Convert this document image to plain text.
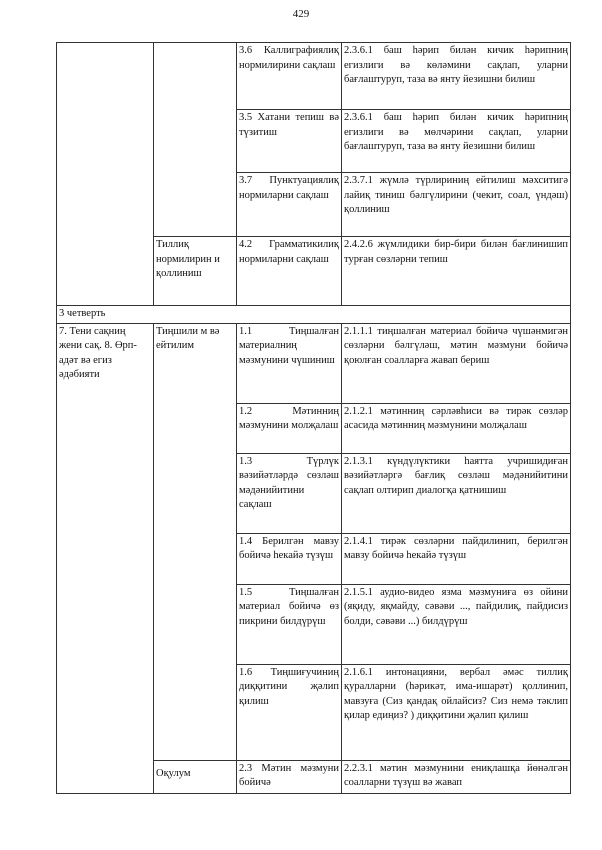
429
		3.6 Каллиграфиялиқ нормилирини сақлаш	2.3.6.1 баш һәрип билән кичик һәрипниң егизлиги вә көләмини сақлап, уларни бағлаштуруп, таза вә янту йезишни билиш
		3.5 Хатани тепиш вә түзитиш	2.3.6.1 баш һәрип билән кичик һәрипниң егизлиги вә мөлчәрини сақлап, уларни бағлаштуруп, таза вә янту йезишни билиш
		3.7 Пунктуациялиқ нормиларни сақлаш	2.3.7.1 жүмлә түрлириниң ейтилиш мәхситигә лайиқ тиниш бәлгүлирини (чекит, соал, үндәш) қоллиниш
	Тиллиқ нормилирин и қоллиниш	4.2 Грамматикилиқ нормиларни сақлаш	2.4.2.6 жүмлидики бир-бири билән бағлинишип турған сөзләрни тепиш
3 четверть			
7. Тени сақниң жени сақ. 8. Өрп-адәт вә егиз әдәбияти	Тиңшили м вә ейтилим	1.1 Тиңшалған материалниң мәзмунини чүшиниш	2.1.1.1 тиңшалған материал бойичә чүшәнмигән сөзләрни бәлгүләш, мәтин мәзмуни бойичә қоюлған соалларға жавап бериш
		1.2 Мәтинниң мәзмунини молҗалаш	2.1.2.1 мәтинниң сәрләвһиси вә тирәк сөзләр асасида мәтинниң мәзмунини молҗалаш
		1.3 Түрлүк вәзийәтләрдә сөзләш мәдәнийитини сақлаш	2.1.3.1 күндүлүктики һаятта учришидиған вәзийәтләргә бағлиқ сөзләш мәдәнийитини сақлап олтирип диалогқа қатнишиш
		1.4 Берилгән мавзу бойичә һекайә түзүш	2.1.4.1 тирәк сөзләрни пайдилинип, берилгән мавзу бойичә һекайә түзүш
		1.5 Тиңшалған материал бойичә өз пикрини билдүрүш	2.1.5.1 аудио-видео язма мәзмуниға өз ойини (яқиду, яқмайду, сәвәви ..., пайдилиқ, пайдисиз болди, сәвәви ...) билдүрүш
		1.6 Тиңшиғучиниң диққитини җәлип қилиш	2.1.6.1 интонацияни, вербал әмәс тиллиқ қуралларни (һәрикәт, има-ишарәт) қоллинип, мавзуға (Сиз қандақ ойлайсиз? Сиз немә тәклип қилар едиңиз? ) диққитини җәлип қилиш
	Оқулум	2.3 Мәтин мәзмуни бойичә	2.2.3.1 мәтин мәзмунини ениқлашқа йөнәлгән соалларни түзүш вә жавап
